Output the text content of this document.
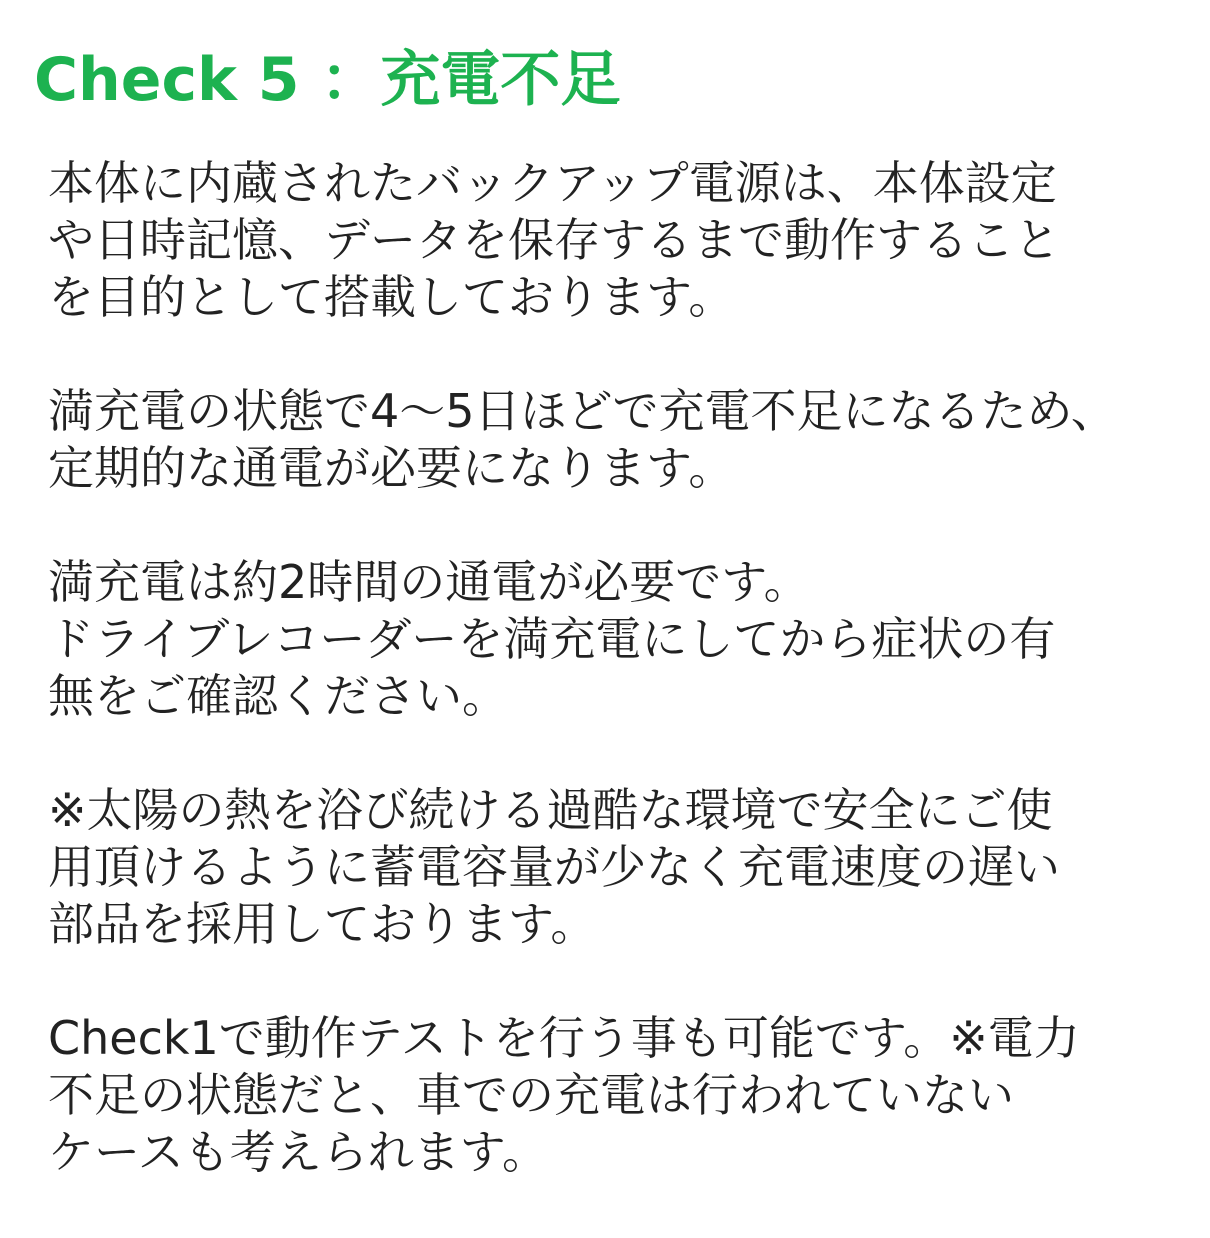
Check 5 ：充電不足

本体に内蔵されたバックアップ電源は、本体設定
や日時記憶、データを保存するまで動作すること
を目的として搭載しております。

満充電の状態で4〜5日ほどで充電不足になるため、
定期的な通電が必要になります。

満充電は約2時間の通電が必要です。
ドライブレコーダーを満充電にしてから症状の有
無をご確認ください。

※太陽の熱を浴び続ける過酷な環境で安全にご使
用頂けるように蓄電容量が少なく充電速度の遅い
部品を採用しております。

Check1で動作テストを行う事も可能です。※電力
不足の状態だと、車での充電は行われていない
ケースも考えられます。
